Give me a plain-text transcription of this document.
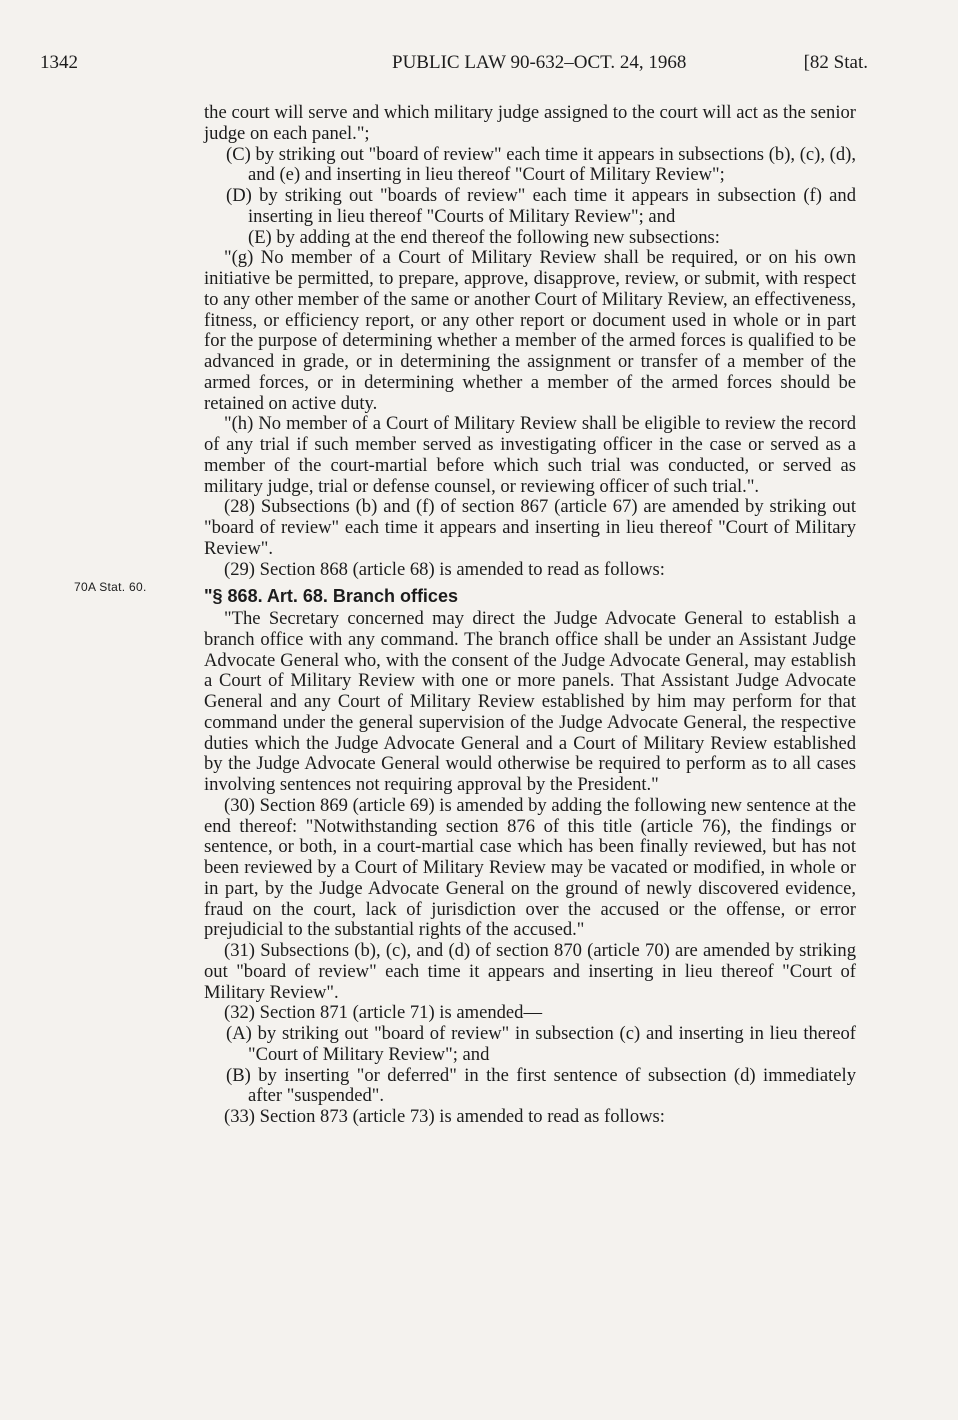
1342	PUBLIC LAW 90-632–OCT. 24, 1968	[82 Stat.
70A Stat. 60.

the court will serve and which military judge assigned to the court will act as the senior judge on each panel.";

(C) by striking out "board of review" each time it appears in subsections (b), (c), (d), and (e) and inserting in lieu thereof "Court of Military Review";

(D) by striking out "boards of review" each time it appears in subsection (f) and inserting in lieu thereof "Courts of Military Review"; and

(E) by adding at the end thereof the following new subsections:

"(g) No member of a Court of Military Review shall be required, or on his own initiative be permitted, to prepare, approve, disapprove, review, or submit, with respect to any other member of the same or another Court of Military Review, an effectiveness, fitness, or efficiency report, or any other report or document used in whole or in part for the purpose of determining whether a member of the armed forces is qualified to be advanced in grade, or in determining the assignment or transfer of a member of the armed forces, or in determining whether a member of the armed forces should be retained on active duty.

"(h) No member of a Court of Military Review shall be eligible to review the record of any trial if such member served as investigating officer in the case or served as a member of the court-martial before which such trial was conducted, or served as military judge, trial or defense counsel, or reviewing officer of such trial.".

(28) Subsections (b) and (f) of section 867 (article 67) are amended by striking out "board of review" each time it appears and inserting in lieu thereof "Court of Military Review".

(29) Section 868 (article 68) is amended to read as follows:

"§ 868. Art. 68. Branch offices

"The Secretary concerned may direct the Judge Advocate General to establish a branch office with any command. The branch office shall be under an Assistant Judge Advocate General who, with the consent of the Judge Advocate General, may establish a Court of Military Review with one or more panels. That Assistant Judge Advocate General and any Court of Military Review established by him may perform for that command under the general supervision of the Judge Advocate General, the respective duties which the Judge Advocate General and a Court of Military Review established by the Judge Advocate General would otherwise be required to perform as to all cases involving sentences not requiring approval by the President."

(30) Section 869 (article 69) is amended by adding the following new sentence at the end thereof: "Notwithstanding section 876 of this title (article 76), the findings or sentence, or both, in a court-martial case which has been finally reviewed, but has not been reviewed by a Court of Military Review may be vacated or modified, in whole or in part, by the Judge Advocate General on the ground of newly discovered evidence, fraud on the court, lack of jurisdiction over the accused or the offense, or error prejudicial to the substantial rights of the accused."

(31) Subsections (b), (c), and (d) of section 870 (article 70) are amended by striking out "board of review" each time it appears and inserting in lieu thereof "Court of Military Review".

(32) Section 871 (article 71) is amended—

(A) by striking out "board of review" in subsection (c) and inserting in lieu thereof "Court of Military Review"; and

(B) by inserting "or deferred" in the first sentence of subsection (d) immediately after "suspended".

(33) Section 873 (article 73) is amended to read as follows:
